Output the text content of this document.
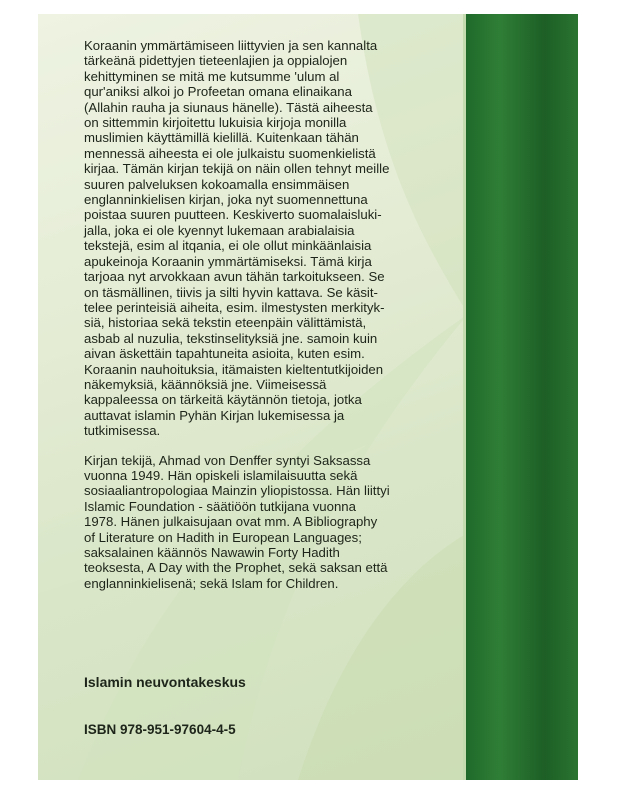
Koraanin ymmärtämiseen liittyvien ja sen kannalta
tärkeänä pidettyjen tieteenlajien ja oppialojen
kehittyminen se mitä me kutsumme 'ulum al
qur'aniksi alkoi jo Profeetan omana elinaikana
(Allahin rauha ja siunaus hänelle). Tästä aiheesta
on sittemmin kirjoitettu lukuisia kirjoja monilla
muslimien käyttämillä kielillä. Kuitenkaan tähän
mennessä aiheesta ei ole julkaistu suomenkielistä
kirjaa. Tämän kirjan tekijä on näin ollen tehnyt meille
suuren palveluksen kokoamalla ensimmäisen
englanninkielisen kirjan, joka nyt suomennettuna
poistaa suuren puutteen. Keskiverto suomalaisluki-
jalla, joka ei ole kyennyt lukemaan arabialaisia
tekstejä, esim al itqania, ei ole ollut minkäänlaisia
apukeinoja Koraanin ymmärtämiseksi. Tämä kirja
tarjoaa nyt arvokkaan avun tähän tarkoitukseen. Se
on täsmällinen, tiivis ja silti hyvin kattava. Se käsit-
telee perinteisiä aiheita, esim. ilmestysten merkityk-
siä, historiaa sekä tekstin eteenpäin välittämistä,
asbab al nuzulia, tekstinselityksiä jne. samoin kuin
aivan äskettäin tapahtuneita asioita, kuten esim.
Koraanin nauhoituksia, itämaisten kieltentutkijoiden
näkemyksiä, käännöksiä jne. Viimeisessä
kappaleessa on tärkeitä käytännön tietoja, jotka
auttavat islamin Pyhän Kirjan lukemisessa ja
tutkimisessa.
Kirjan tekijä, Ahmad von Denffer syntyi Saksassa
vuonna 1949. Hän opiskeli islamilaisuutta sekä
sosiaaliantropologiaa Mainzin yliopistossa. Hän liittyi
Islamic Foundation - säätiöön tutkijana vuonna
1978. Hänen julkaisujaan ovat mm. A Bibliography
of Literature on Hadith in European Languages;
saksalainen käännös Nawawin Forty Hadith
teoksesta, A Day with the Prophet, sekä saksan että
englanninkielisenä; sekä Islam for Children.
Islamin neuvontakeskus
ISBN 978-951-97604-4-5
